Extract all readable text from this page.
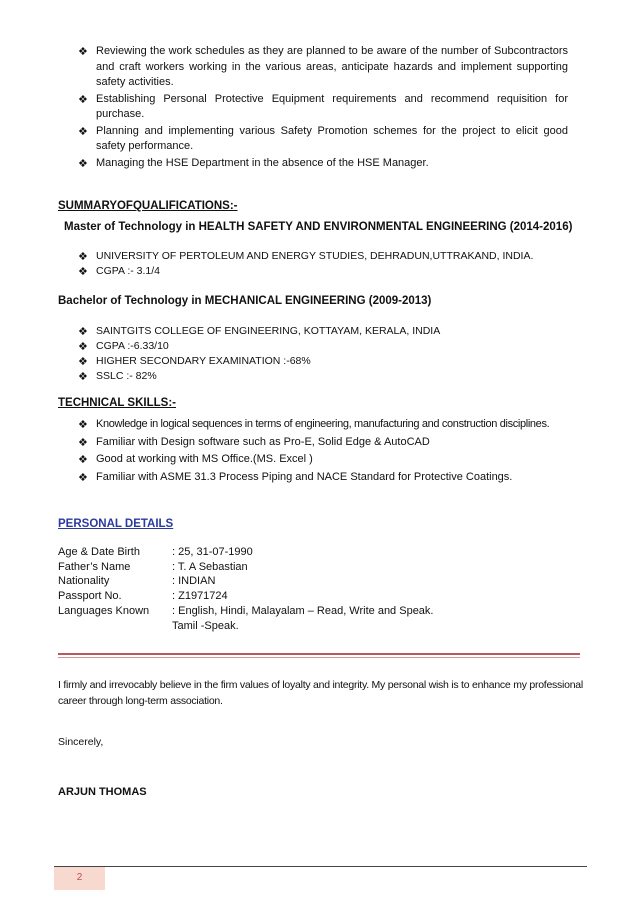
❖ Reviewing the work schedules as they are planned to be aware of the number of Subcontractors and craft workers working in the various areas, anticipate hazards and implement supporting safety activities.
❖ Establishing Personal Protective Equipment requirements and recommend requisition for purchase.
❖ Planning and implementing various Safety Promotion schemes for the project to elicit good safety performance.
❖ Managing the HSE Department in the absence of the HSE Manager.
SUMMARYOFQUALIFICATIONS:-
Master of Technology in HEALTH SAFETY AND ENVIRONMENTAL ENGINEERING (2014-2016)
❖ UNIVERSITY OF PERTOLEUM AND ENERGY STUDIES, DEHRADUN,UTTRAKAND, INDIA.
❖ CGPA :- 3.1/4
Bachelor of Technology in MECHANICAL ENGINEERING (2009-2013)
❖ SAINTGITS COLLEGE OF ENGINEERING, KOTTAYAM, KERALA, INDIA
❖ CGPA :-6.33/10
❖ HIGHER SECONDARY EXAMINATION :-68%
❖ SSLC :- 82%
TECHNICAL SKILLS:-
❖ Knowledge in logical sequences in terms of engineering, manufacturing and construction disciplines.
❖ Familiar with Design software such as Pro-E, Solid Edge & AutoCAD
❖ Good at working with MS Office.(MS. Excel )
❖ Familiar with ASME 31.3 Process Piping and NACE Standard for Protective Coatings.
PERSONAL DETAILS
Age & Date Birth	: 25, 31-07-1990
Father’s Name	: T. A Sebastian
Nationality	: INDIAN
Passport No.	: Z1971724
Languages Known : English, Hindi, Malayalam – Read, Write and Speak.
Tamil -Speak.
I firmly and irrevocably believe in the firm values of loyalty and integrity. My personal wish is to enhance my professional career through long-term association.
Sincerely,
ARJUN THOMAS
2
